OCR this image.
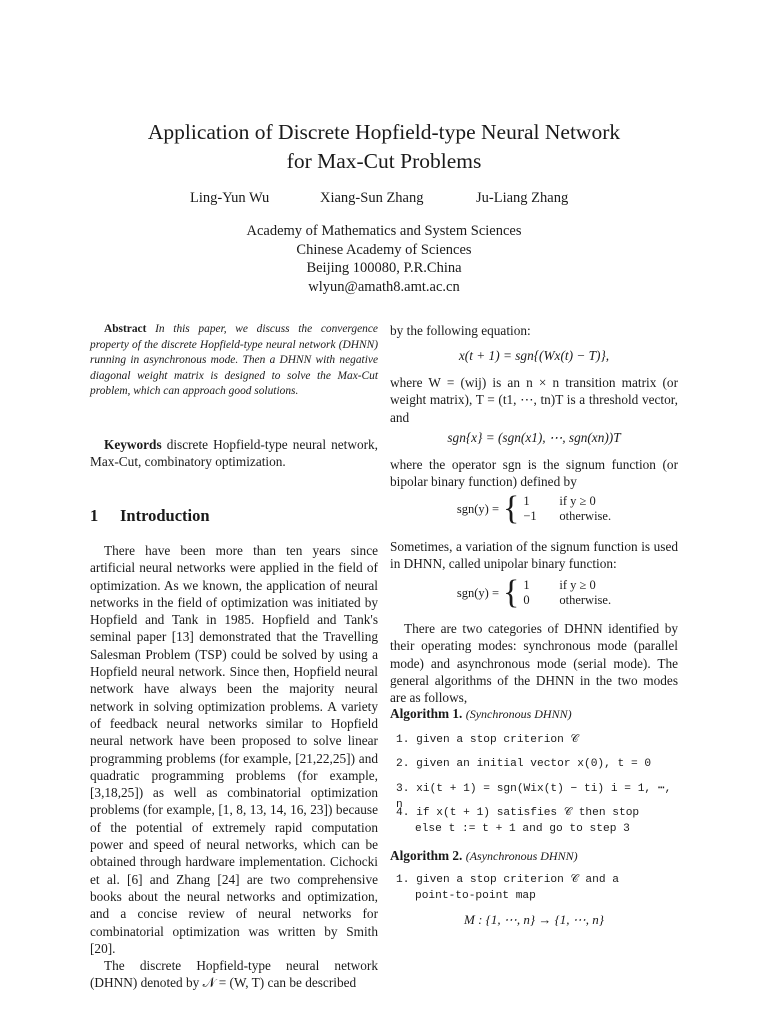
Application of Discrete Hopfield-type Neural Network
for Max-Cut Problems
Ling-Yun Wu	Xiang-Sun Zhang	Ju-Liang Zhang
Academy of Mathematics and System Sciences
Chinese Academy of Sciences
Beijing 100080, P.R.China
wlyun@amath8.amt.ac.cn
Abstract In this paper, we discuss the convergence property of the discrete Hopfield-type neural network (DHNN) running in asynchronous mode. Then a DHNN with negative diagonal weight matrix is designed to solve the Max-Cut problem, which can approach good solutions.
Keywords discrete Hopfield-type neural network, Max-Cut, combinatory optimization.
1 Introduction

There have been more than ten years since artificial neural networks were applied in the field of optimization. As we known, the application of neural networks in the field of optimization was initiated by Hopfield and Tank in 1985. Hopfield and Tank's seminal paper [13] demonstrated that the Travelling Salesman Problem (TSP) could be solved by using a Hopfield neural network. Since then, Hopfield neural network have always been the majority neural network in solving optimization problems. A variety of feedback neural networks similar to Hopfield neural network have been proposed to solve linear programming problems (for example, [21,22,25]) and quadratic programming problems (for example, [3,18,25]) as well as combinatorial optimization problems (for example, [1, 8, 13, 14, 16, 23]) because of the potential of extremely rapid computation power and speed of neural networks, which can be obtained through hardware implementation. Cichocki et al. [6] and Zhang [24] are two comprehensive books about the neural networks and optimization, and a concise review of neural networks for combinatorial optimization was written by Smith [20].

The discrete Hopfield-type neural network (DHNN) denoted by 𝒩 = (W, T) can be described

by the following equation:
x(t + 1) = sgn{(Wx(t) − T)},
where W = (wij) is an n × n transition matrix (or weight matrix), T = (t1, ⋯, tn)T is a threshold vector, and
sgn{x} = (sgn(x1), ⋯, sgn(xn))T
where the operator sgn is the signum function (or bipolar binary function) defined by
sgn(y) = { 1	if y ≥ 0
−1	otherwise.
Sometimes, a variation of the signum function is used in DHNN, called unipolar binary function:
sgn(y) = { 1	if y ≥ 0
0	otherwise.

There are two categories of DHNN identified by their operating modes: synchronous mode (parallel mode) and asynchronous mode (serial mode). The general algorithms of the DHNN in the two modes are as follows,

Algorithm 1. (Synchronous DHNN)
1. given a stop criterion 𝒞
2. given an initial vector x(0), t = 0
3. xi(t + 1) = sgn(Wix(t) − ti) i = 1, ⋯, n
4. if x(t + 1) satisfies 𝒞 then stop
else t := t + 1 and go to step 3
Algorithm 2. (Asynchronous DHNN)
1. given a stop criterion 𝒞 and a
point-to-point map
M : {1, ⋯, n} → {1, ⋯, n}
